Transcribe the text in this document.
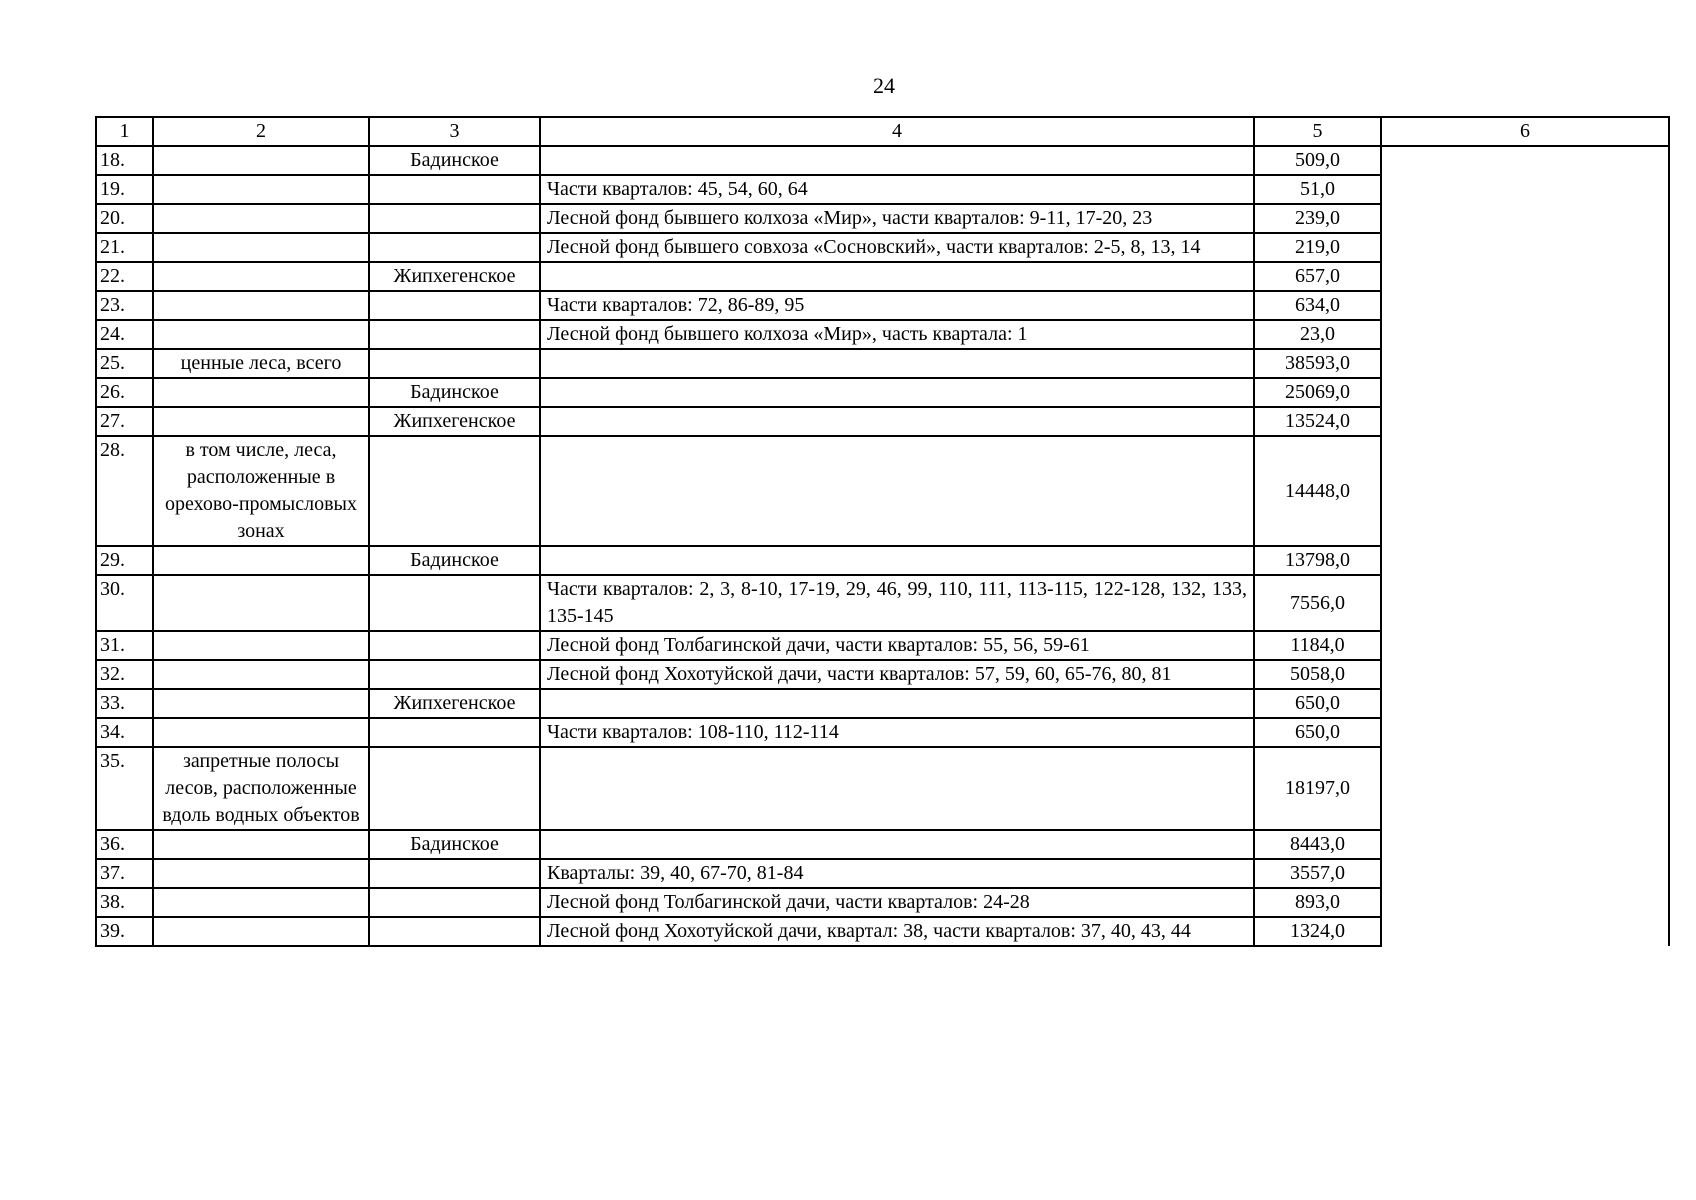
24
1	2	3	4	5	6
18.		Бадинское		509,0	
19.			Части кварталов: 45, 54, 60, 64	51,0	
20.			Лесной фонд бывшего колхоза «Мир», части кварталов: 9-11, 17-20, 23	239,0	
21.			Лесной фонд бывшего совхоза «Сосновский», части кварталов: 2-5, 8, 13, 14	219,0	
22.		Жипхегенское		657,0	
23.			Части кварталов: 72, 86-89, 95	634,0	
24.			Лесной фонд бывшего колхоза «Мир», часть квартала: 1	23,0	
25.	ценные леса, всего			38593,0	
26.		Бадинское		25069,0	
27.		Жипхегенское		13524,0	
28.	в том числе, леса, расположенные в орехово-промысловых зонах			14448,0	
29.		Бадинское		13798,0	
30.			Части кварталов: 2, 3, 8-10, 17-19, 29, 46, 99, 110, 111, 113-115, 122-128, 132, 133, 135-145	7556,0	
31.			Лесной фонд Толбагинской дачи, части кварталов: 55, 56, 59-61	1184,0	
32.			Лесной фонд Хохотуйской дачи, части кварталов: 57, 59, 60, 65-76, 80, 81	5058,0	
33.		Жипхегенское		650,0	
34.			Части кварталов: 108-110, 112-114	650,0	
35.	запретные полосы лесов, расположенные вдоль водных объектов			18197,0	
36.		Бадинское		8443,0	
37.			Кварталы: 39, 40, 67-70, 81-84	3557,0	
38.			Лесной фонд Толбагинской дачи, части кварталов: 24-28	893,0	
39.			Лесной фонд Хохотуйской дачи, квартал: 38, части кварталов: 37, 40, 43, 44	1324,0	
